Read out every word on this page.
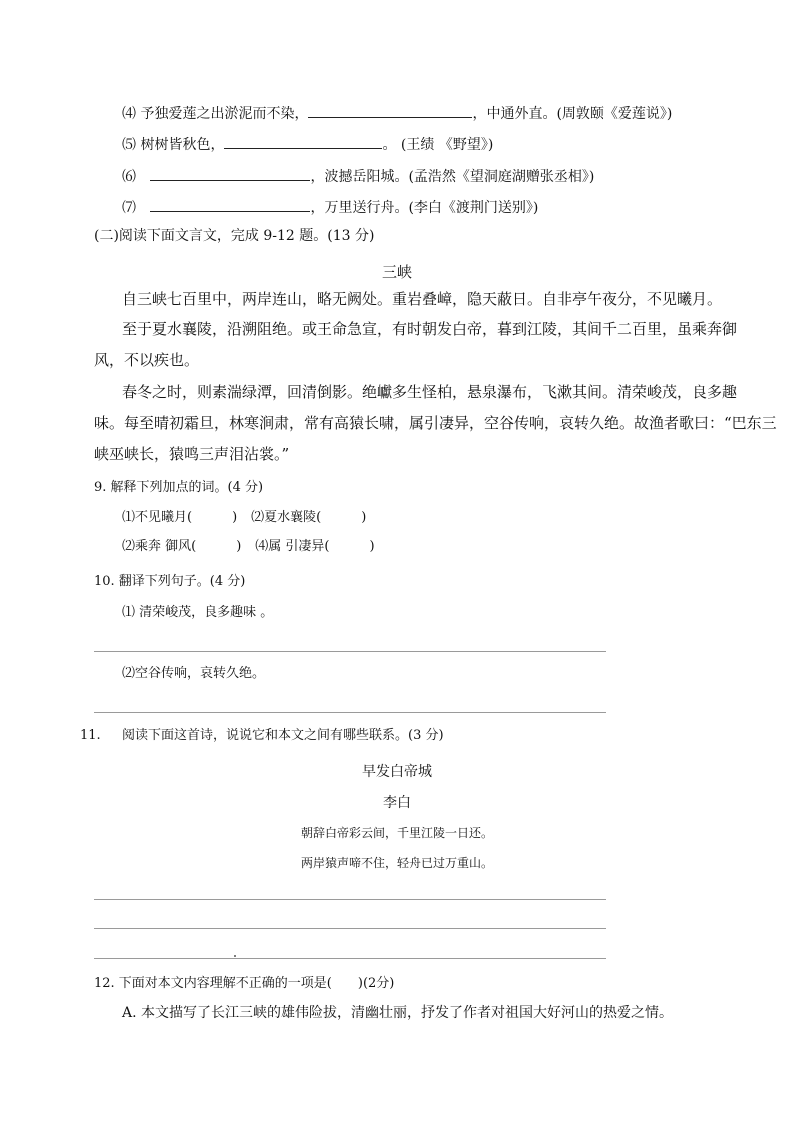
⑷ 予独爱莲之出淤泥而不染，	，中通外直。(周敦颐《爱莲说》)
⑸ 树树皆秋色，	。 (王绩 《野望》)
⑹	，波撼岳阳城。(孟浩然《望洞庭湖赠张丞相》)
⑺	，万里送行舟。(李白《渡荆门送别》)
(二)阅读下面文言文，完成 9-12 题。(13 分)
三峡
自三峡七百里中，两岸连山，略无阙处。重岩叠嶂，隐天蔽日。自非亭午夜分，不见曦月。
至于夏水襄陵，沿溯阻绝。或王命急宣，有时朝发白帝，暮到江陵，其间千二百里，虽乘奔御
风，不以疾也。
春冬之时，则素湍绿潭，回清倒影。绝巘多生怪柏，悬泉瀑布，飞漱其间。清荣峻茂，良多趣
味。每至晴初霜旦，林寒涧肃，常有高猿长啸，属引凄异，空谷传响，哀转久绝。故渔者歌曰：“巴东三
峡巫峡长，猿鸣三声泪沾裳。”
9. 解释下列加点的词。(4 分)
⑴不见曦月(	) ⑵夏水襄陵(	)
⑵乘奔 御风(	) ⑷属 引凄异(	)
10. 翻译下列句子。(4 分)
⑴ 清荣峻茂，良多趣味 。
⑵空谷传响，哀转久绝。
11. 阅读下面这首诗，说说它和本文之间有哪些联系。(3 分)
早发白帝城
李白
朝辞白帝彩云间，千里江陵一日还。
两岸猿声啼不住，轻舟已过万重山。
12. 下面对本文内容理解不正确的一项是(　　)(2分)
A. 本文描写了长江三峡的雄伟险拔，清幽壮丽，抒发了作者对祖国大好河山的热爱之情。
